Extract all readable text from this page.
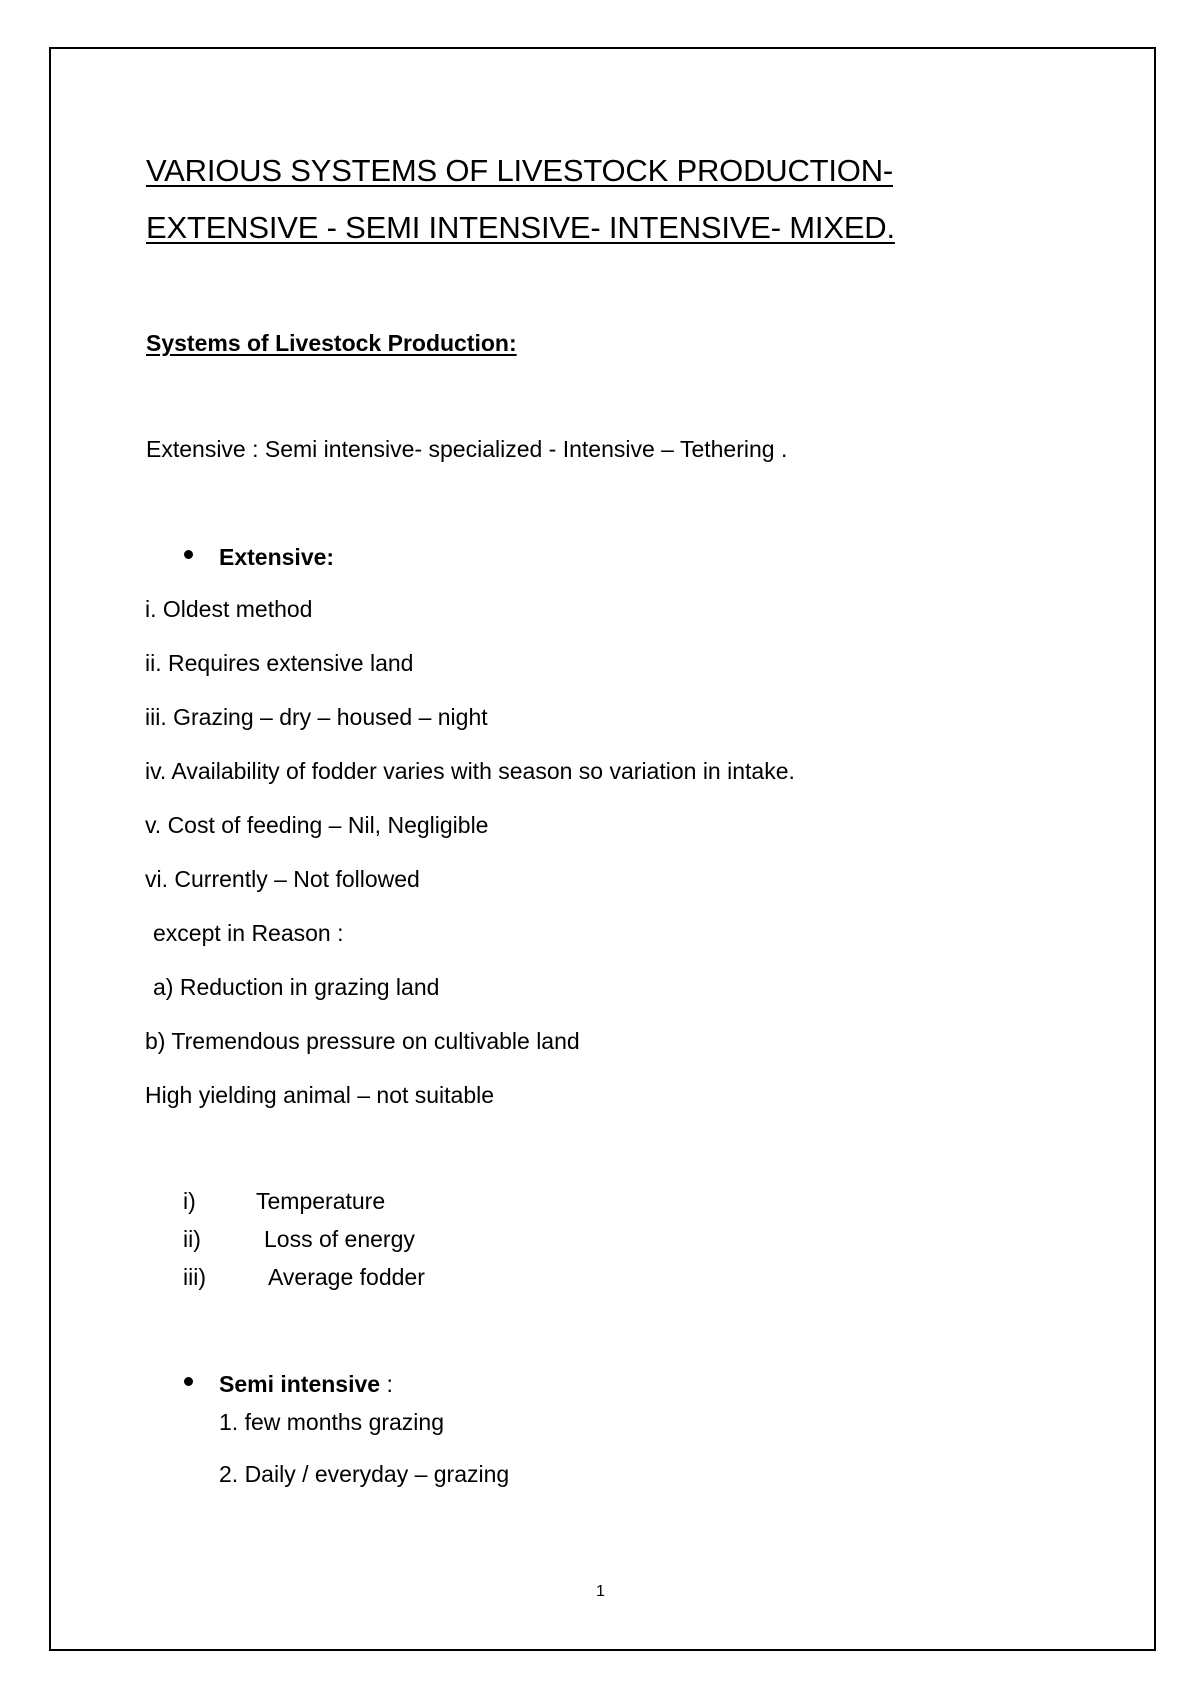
VARIOUS SYSTEMS OF LIVESTOCK PRODUCTION-
EXTENSIVE - SEMI INTENSIVE- INTENSIVE- MIXED.
Systems of Livestock Production:
Extensive : Semi intensive- specialized - Intensive – Tethering .
Extensive:
i. Oldest method
ii. Requires extensive land
iii. Grazing – dry – housed – night
iv. Availability of fodder varies with season so variation in intake.
v. Cost of feeding – Nil, Negligible
vi. Currently – Not followed
except in Reason :
a) Reduction in grazing land
b) Tremendous pressure on cultivable land
High yielding animal – not suitable
i)	Temperature
ii)	Loss of energy
iii)	Average fodder
Semi intensive :
1. few months grazing
2. Daily / everyday – grazing
1
